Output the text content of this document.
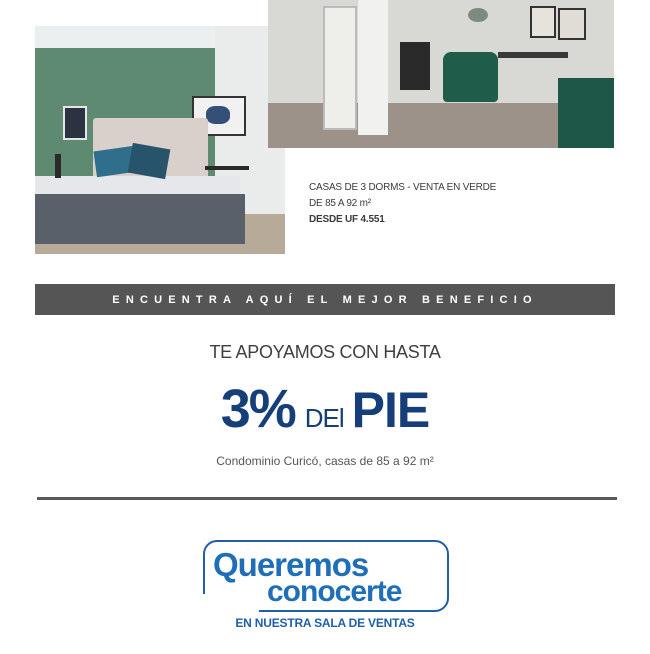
CASAS DE 3 DORMS - VENTA EN VERDE
DE 85 A 92 m²
DESDE UF 4.551
ENCUENTRA AQUÍ EL MEJOR BENEFICIO
TE APOYAMOS CON HASTA
3% DEl PIE
Condominio Curicó, casas de 85 a 92 m²
Queremos
conocerte
EN NUESTRA SALA DE VENTAS
